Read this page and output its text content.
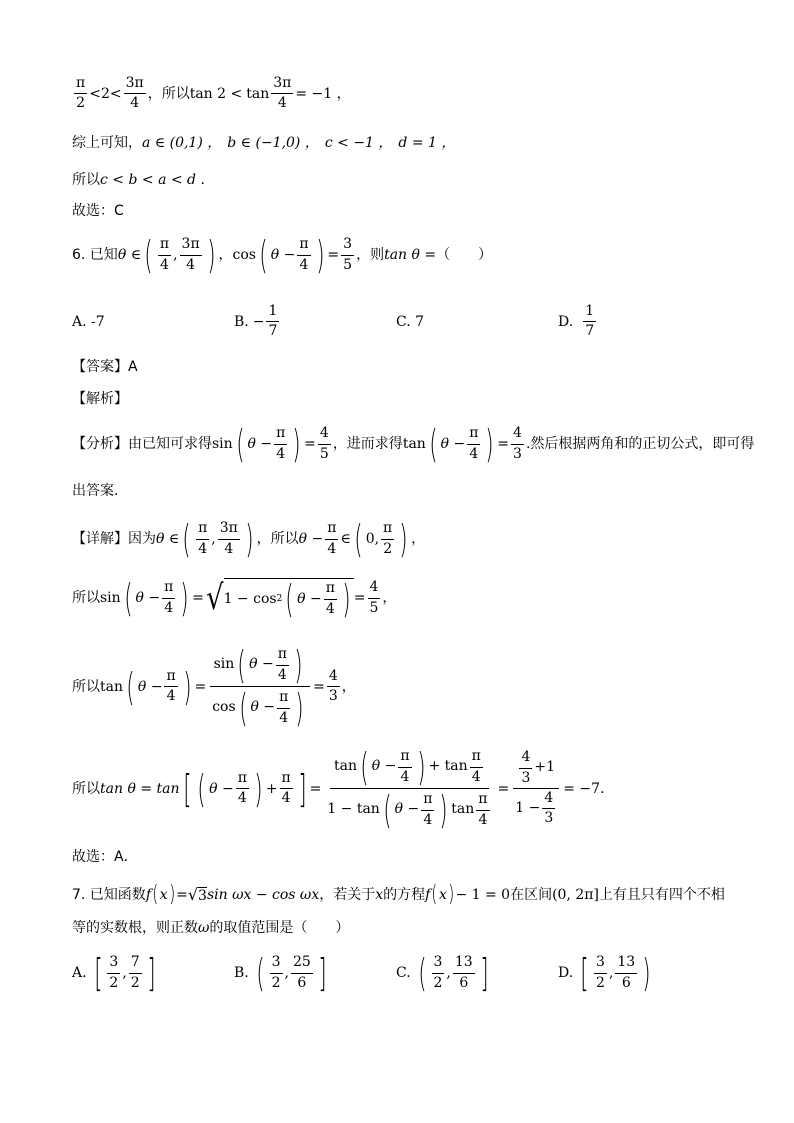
$\frac{\pi}{2} < 2 < \frac{3\pi}{4}$ ，所以 $\tan 2 < \tan \frac{3\pi}{4} = -1$ ，
综上可知， a ∈ (0,1) ， b ∈ (−1,0) ， c < −1 ， d = 1 ，
所以 c < b < a < d .
故选：C
6. 已知 θ ∈ ( $\frac{\pi}{4}$ , $\frac{3\pi}{4}$ ) ， cos ( $\theta - \frac{\pi}{4}$ ) = $\frac{3}{5}$ ，则 tan θ = （　　）
A. -7	B. − $\frac{1}{7}$	C. 7	D. $\frac{1}{7}$
【答案】A
【解析】
【分析】 由已知可求得 sin ( $\theta - \frac{\pi}{4}$ ) = $\frac{4}{5}$ ，进而求得 tan ( $\theta - \frac{\pi}{4}$ ) = $\frac{4}{3}$ .然后根据两角和的正切公式，即可得
出答案.
【详解】 因为 θ ∈ ( $\frac{\pi}{4}$ , $\frac{3\pi}{4}$ ) ，所以 $\theta - \frac{\pi}{4}$ ∈ ( 0, $\frac{\pi}{2}$ ) ，
所以 sin ( $\theta - \frac{\pi}{4}$ ) = √ 1 − cos 2 ( $\theta - \frac{\pi}{4}$ ) = $\frac{4}{5}$ ，
所以 tan ( $\theta - \frac{\pi}{4}$ ) =
sin ( $\theta - \frac{\pi}{4}$ )
cos ( $\theta - \frac{\pi}{4}$ ) = $\frac{4}{3}$ ，
所以 tan θ = tan [ ( $\theta - \frac{\pi}{4}$ ) + $\frac{\pi}{4}$ ] =
tan ( $\theta - \frac{\pi}{4}$ ) + $\tan \frac{\pi}{4}$
1 − tan ( $\theta - \frac{\pi}{4}$ ) $\tan \frac{\pi}{4}$
= $\frac{\frac{4}{3} +1}{1 - \frac{4}{3}} = -7$ .
故选：A．
7. 已知函数 f ( x ) = √ 3 sin ωx − cos ωx ，若关于 x 的方程 f ( x ) − 1 = 0 在区间 (0, 2π] 上有且只有四个不相
等的实数根，则正数 ω 的取值范围是（　　）
A. [ $\frac{3}{2}$ , $\frac{7}{2}$ ]	B. ( $\frac{3}{2}$ , $\frac{25}{6}$ ]	C. ( $\frac{3}{2}$ , $\frac{13}{6}$ ]	D. [ $\frac{3}{2}$ , $\frac{13}{6}$ )
